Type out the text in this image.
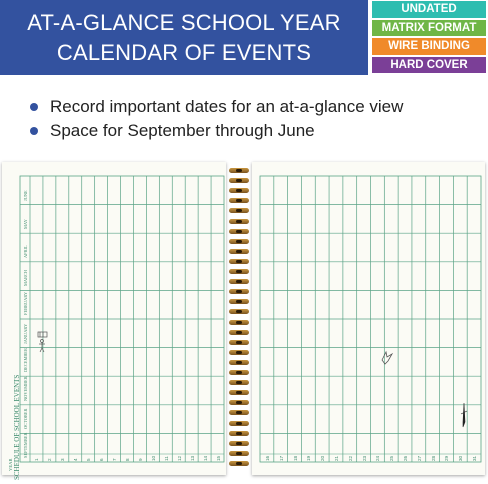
AT-A-GLANCE SCHOOL YEAR
CALENDAR OF EVENTS
UNDATED
MATRIX FORMAT
WIRE BINDING
HARD COVER
Record important dates for an at-a-glance view
Space for September through June
SCHEDULE OF SCHOOL EVENTS
YEAR	1 2 3 4 5 6 7 8 9 10 11 12 13 14 15
SEPTEMBER
OCTOBER
NOVEMBER
DECEMBER
JANUARY
FEBRUARY
MARCH
APRIL
MAY
JUNE
16 17 18 19 20 21 22 23 24 25 26 27 28 29 30 31
